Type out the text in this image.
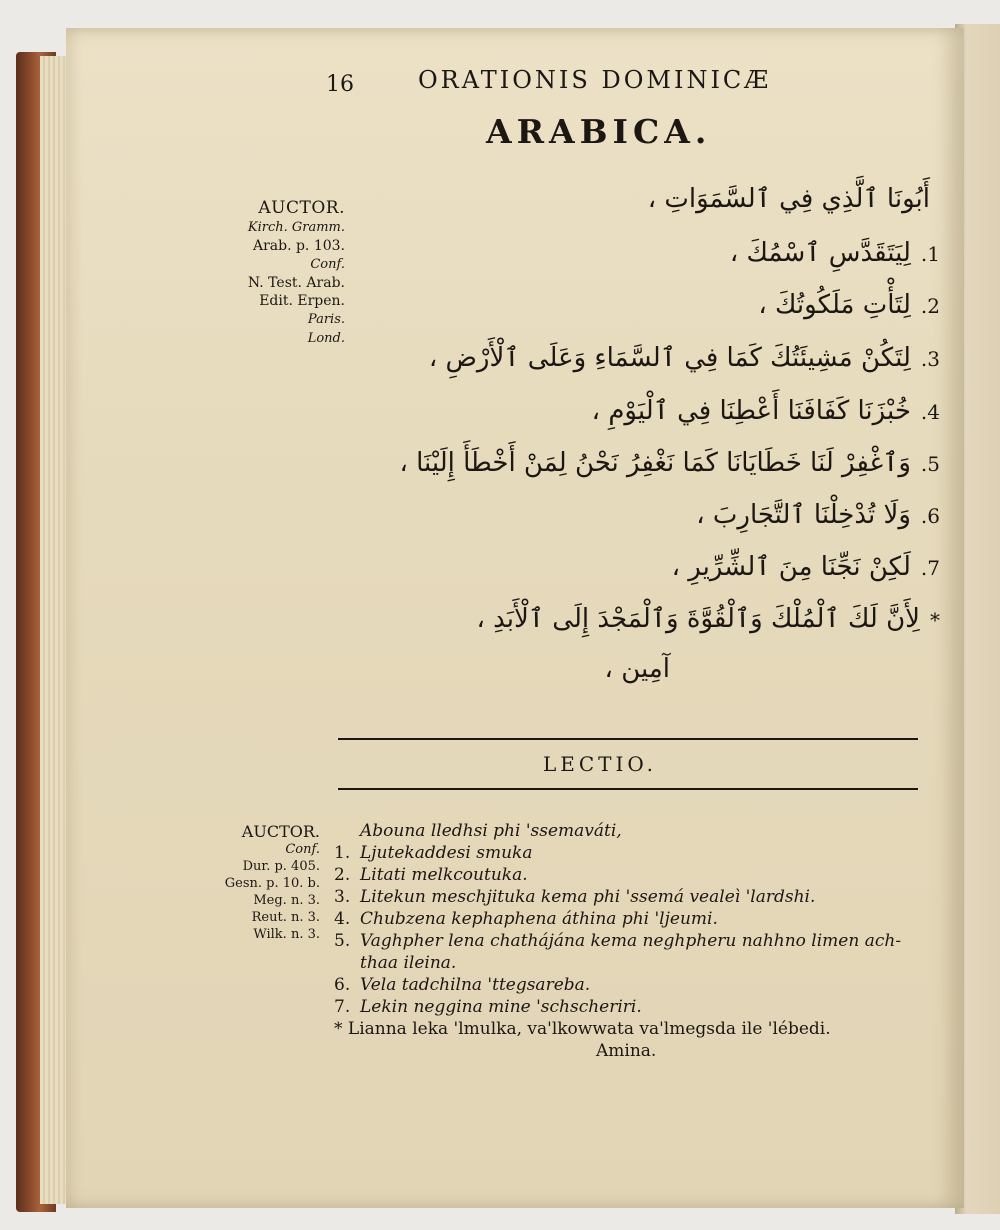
16	ORATIONIS DOMINICÆ

ARABICA.

AUCTOR.
Kirch. Gramm.
Arab. p. 103.
Conf.
N. Test. Arab.
Edit. Erpen.
Paris.
Lond.
أَبُونَا ٱلَّذِي فِي ٱلسَّمَوَاتِ ،
1.لِيَتَقَدَّسِ ٱسْمُكَ ،
2.لِتَأْتِ مَلَكُوتُكَ ،
3.لِتَكُنْ مَشِيئَتُكَ كَمَا فِي ٱلسَّمَاءِ وَعَلَى ٱلْأَرْضِ ،
4.خُبْزَنَا كَفَافَنَا أَعْطِنَا فِي ٱلْيَوْمِ ،
5.وَٱغْفِرْ لَنَا خَطَايَانَا كَمَا نَغْفِرُ نَحْنُ لِمَنْ أَخْطَأَ إِلَيْنَا ،
6.وَلَا تُدْخِلْنَا ٱلتَّجَارِبَ ،
7.لَكِنْ نَجِّنَا مِنَ ٱلشِّرِّيرِ ،
*لِأَنَّ لَكَ ٱلْمُلْكَ وَٱلْقُوَّةَ وَٱلْمَجْدَ إِلَى ٱلْأَبَدِ ،
آمِين ،

LECTIO.

AUCTOR.
Conf.
Dur. p. 405.
Gesn. p. 10. b.
Meg. n. 3.
Reut. n. 3.
Wilk. n. 3.
Abouna lledhsi phi 'ssemaváti,
1. Ljutekaddesi smuka
2. Litati melkcoutuka.
3. Litekun meschjituka kema phi 'ssemá vealeì 'lardshi.
4. Chubzena kephaphena áthina phi 'ljeumi.
5. Vaghpher lena chathájána kema neghpheru nahhno limen ach-
thaa ileina.
6. Vela tadchilna 'ttegsareba.
7. Lekin neggina mine 'schscheriri.
* Lianna leka 'lmulka, va'lkowwata va'lmegsda ile 'lébedi.
Amina.
